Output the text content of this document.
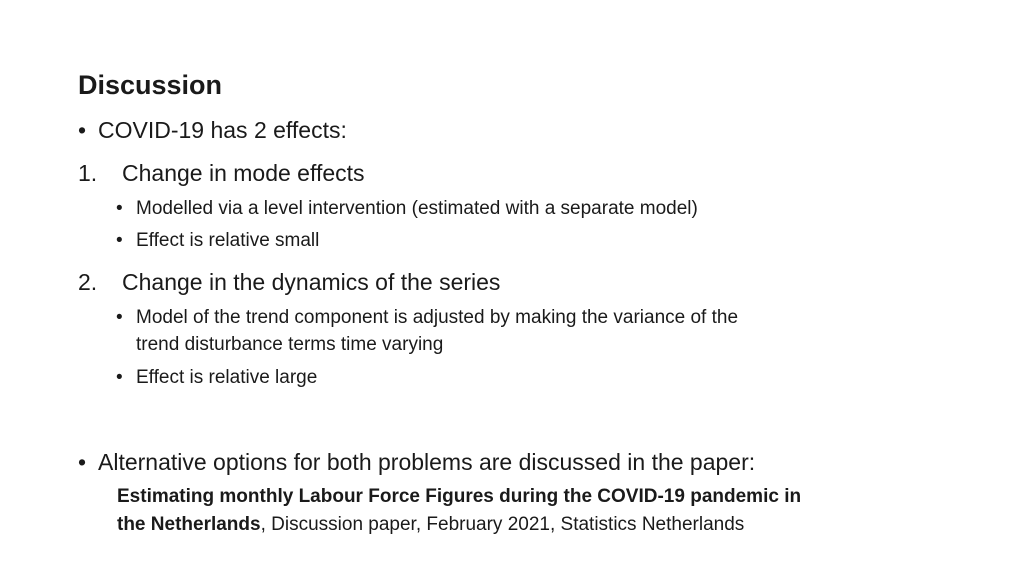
Discussion
• COVID-19 has 2 effects:
1. Change in mode effects
• Modelled via a level intervention (estimated with a separate model)
• Effect is relative small
2. Change in the dynamics of the series
• Model of the trend component is adjusted by making the variance of the
trend disturbance terms time varying
• Effect is relative large
• Alternative options for both problems are discussed in the paper:
Estimating monthly Labour Force Figures during the COVID-19 pandemic in
the Netherlands, Discussion paper, February 2021, Statistics Netherlands
